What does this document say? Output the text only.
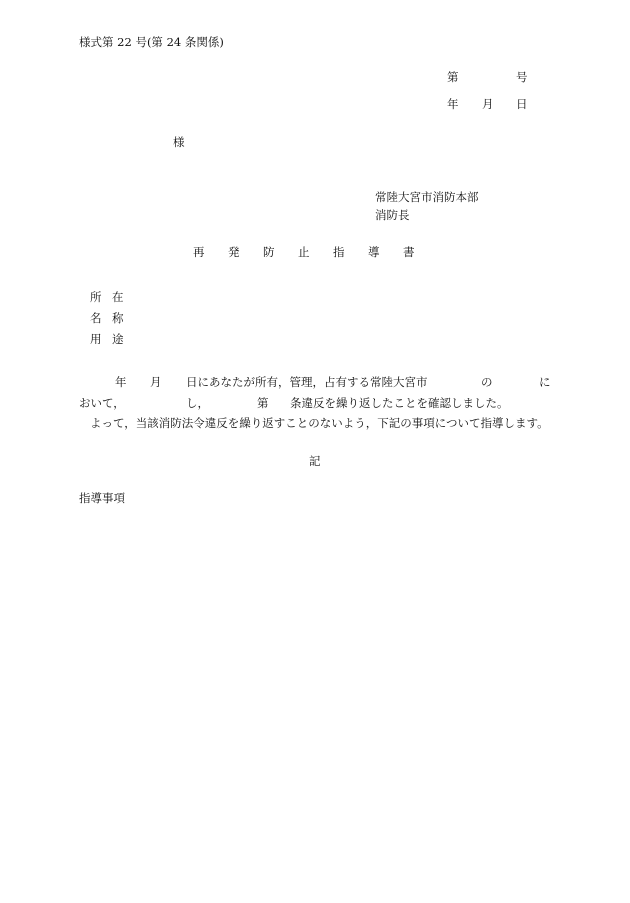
様式第 22 号(第 24 条関係)
第	号
年 月 日
様
常陸大宮市消防本部
消防長
再 発 防 止 指 導 書
所 在
名 称
用 途
年 月 日にあなたが所有，管理，占有する常陸大宮市	の	に
おいて，	し，	第 条違反を繰り返したことを確認しました。
よって，当該消防法令違反を繰り返すことのないよう，下記の事項について指導します。
記
指導事項
